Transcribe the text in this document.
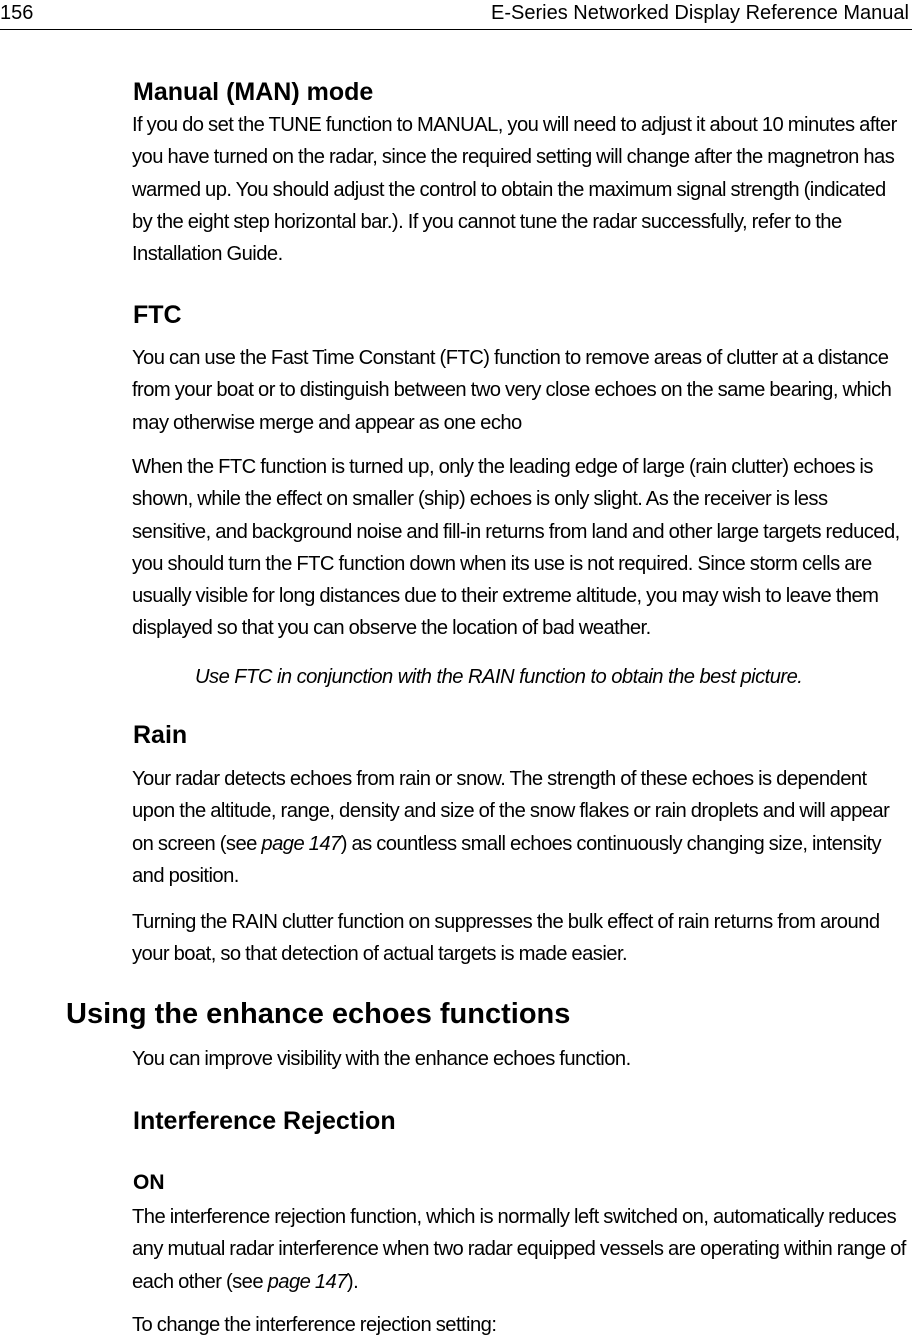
156	E-Series Networked Display Reference Manual
Manual (MAN) mode

If you do set the TUNE function to MANUAL, you will need to adjust it about 10 minutes after you have turned on the radar, since the required setting will change after the magnetron has warmed up. You should adjust the control to obtain the maximum signal strength (indicated by the eight step horizontal bar.). If you cannot tune the radar successfully, refer to the Installation Guide.

FTC

You can use the Fast Time Constant (FTC) function to remove areas of clutter at a distance from your boat or to distinguish between two very close echoes on the same bearing, which may otherwise merge and appear as one echo

When the FTC function is turned up, only the leading edge of large (rain clutter) echoes is shown, while the effect on smaller (ship) echoes is only slight. As the receiver is less sensitive, and background noise and fill-in returns from land and other large targets reduced, you should turn the FTC function down when its use is not required. Since storm cells are usually visible for long distances due to their extreme altitude, you may wish to leave them displayed so that you can observe the location of bad weather.

Use FTC in conjunction with the RAIN function to obtain the best picture.

Rain

Your radar detects echoes from rain or snow. The strength of these echoes is dependent upon the altitude, range, density and size of the snow flakes or rain droplets and will appear on screen (see page 147) as countless small echoes continuously changing size, intensity and position.

Turning the RAIN clutter function on suppresses the bulk effect of rain returns from around your boat, so that detection of actual targets is made easier.

Using the enhance echoes functions

You can improve visibility with the enhance echoes function.

Interference Rejection
ON

The interference rejection function, which is normally left switched on, automatically reduces any mutual radar interference when two radar equipped vessels are operating within range of each other (see page 147).

To change the interference rejection setting:
